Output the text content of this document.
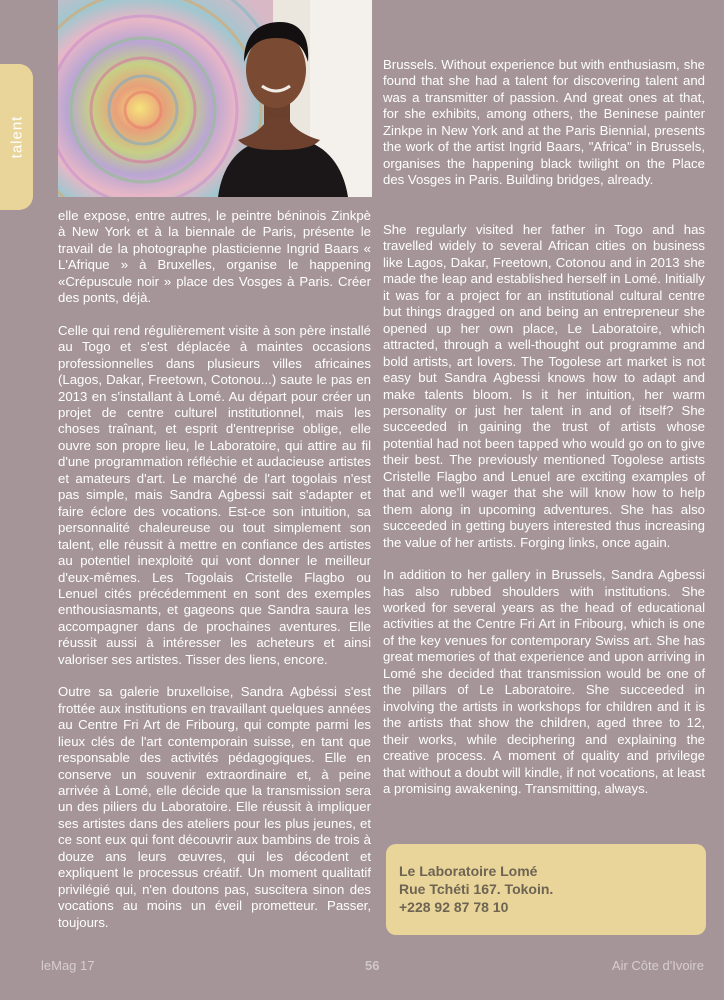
talent

elle expose, entre autres, le peintre béninois Zinkpè à New York et à la biennale de Paris, présente le travail de la photographe plasticienne Ingrid Baars « L'Afrique » à Bruxelles, organise le happening «Crépuscule noir » place des Vosges à Paris. Créer des ponts, déjà.

Celle qui rend régulièrement visite à son père installé au Togo et s'est déplacée à maintes occasions professionnelles dans plusieurs villes africaines (Lagos, Dakar, Freetown, Cotonou...) saute le pas en 2013 en s'installant à Lomé. Au départ pour créer un projet de centre culturel institutionnel, mais les choses traînant, et esprit d'entreprise oblige, elle ouvre son propre lieu, le Laboratoire, qui attire au fil d'une programmation réfléchie et audacieuse artistes et amateurs d'art. Le marché de l'art togolais n'est pas simple, mais Sandra Agbessi sait s'adapter et faire éclore des vocations. Est-ce son intuition, sa personnalité chaleureuse ou tout simplement son talent, elle réussit à mettre en confiance des artistes au potentiel inexploité qui vont donner le meilleur d'eux-mêmes. Les Togolais Cristelle Flagbo ou Lenuel cités précédemment en sont des exemples enthousiasmants, et gageons que Sandra saura les accompagner dans de prochaines aventures. Elle réussit aussi à intéresser les acheteurs et ainsi valoriser ses artistes. Tisser des liens, encore.

Outre sa galerie bruxelloise, Sandra Agbéssi s'est frottée aux institutions en travaillant quelques années au Centre Fri Art de Fribourg, qui compte parmi les lieux clés de l'art contemporain suisse, en tant que responsable des activités pédagogiques. Elle en conserve un souvenir extraordinaire et, à peine arrivée à Lomé, elle décide que la transmission sera un des piliers du Laboratoire. Elle réussit à impliquer ses artistes dans des ateliers pour les plus jeunes, et ce sont eux qui font découvrir aux bambins de trois à douze ans leurs œuvres, qui les décodent et expliquent le processus créatif. Un moment qualitatif privilégié qui, n'en doutons pas, suscitera sinon des vocations au moins un éveil prometteur. Passer, toujours.

Brussels. Without experience but with enthusiasm, she found that she had a talent for discovering talent and was a transmitter of passion. And great ones at that, for she exhibits, among others, the Beninese painter Zinkpe in New York and at the Paris Biennial, presents the work of the artist Ingrid Baars, "Africa" in Brussels, organises the happening black twilight on the Place des Vosges in Paris. Building bridges, already.

She regularly visited her father in Togo and has travelled widely to several African cities on business like Lagos, Dakar, Freetown, Cotonou and in 2013 she made the leap and established herself in Lomé. Initially it was for a project for an institutional cultural centre but things dragged on and being an entrepreneur she opened up her own place, Le Laboratoire, which attracted, through a well-thought out programme and bold artists, art lovers. The Togolese art market is not easy but Sandra Agbessi knows how to adapt and make talents bloom. Is it her intuition, her warm personality or just her talent in and of itself? She succeeded in gaining the trust of artists whose potential had not been tapped who would go on to give their best. The previously mentioned Togolese artists Cristelle Flagbo and Lenuel are exciting examples of that and we'll wager that she will know how to help them along in upcoming adventures. She has also succeeded in getting buyers interested thus increasing the value of her artists. Forging links, once again.

In addition to her gallery in Brussels, Sandra Agbessi has also rubbed shoulders with institutions. She worked for several years as the head of educational activities at the Centre Fri Art in Fribourg, which is one of the key venues for contemporary Swiss art. She has great memories of that experience and upon arriving in Lomé she decided that transmission would be one of the pillars of Le Laboratoire. She succeeded in involving the artists in workshops for children and it is the artists that show the children, aged three to 12, their works, while deciphering and explaining the creative process. A moment of quality and privilege that without a doubt will kindle, if not vocations, at least a promising awakening. Transmitting, always.

Le Laboratoire Lomé
Rue Tchéti 167. Tokoin.
+228 92 87 78 10
leMag 17	56	Air Côte d'Ivoire
